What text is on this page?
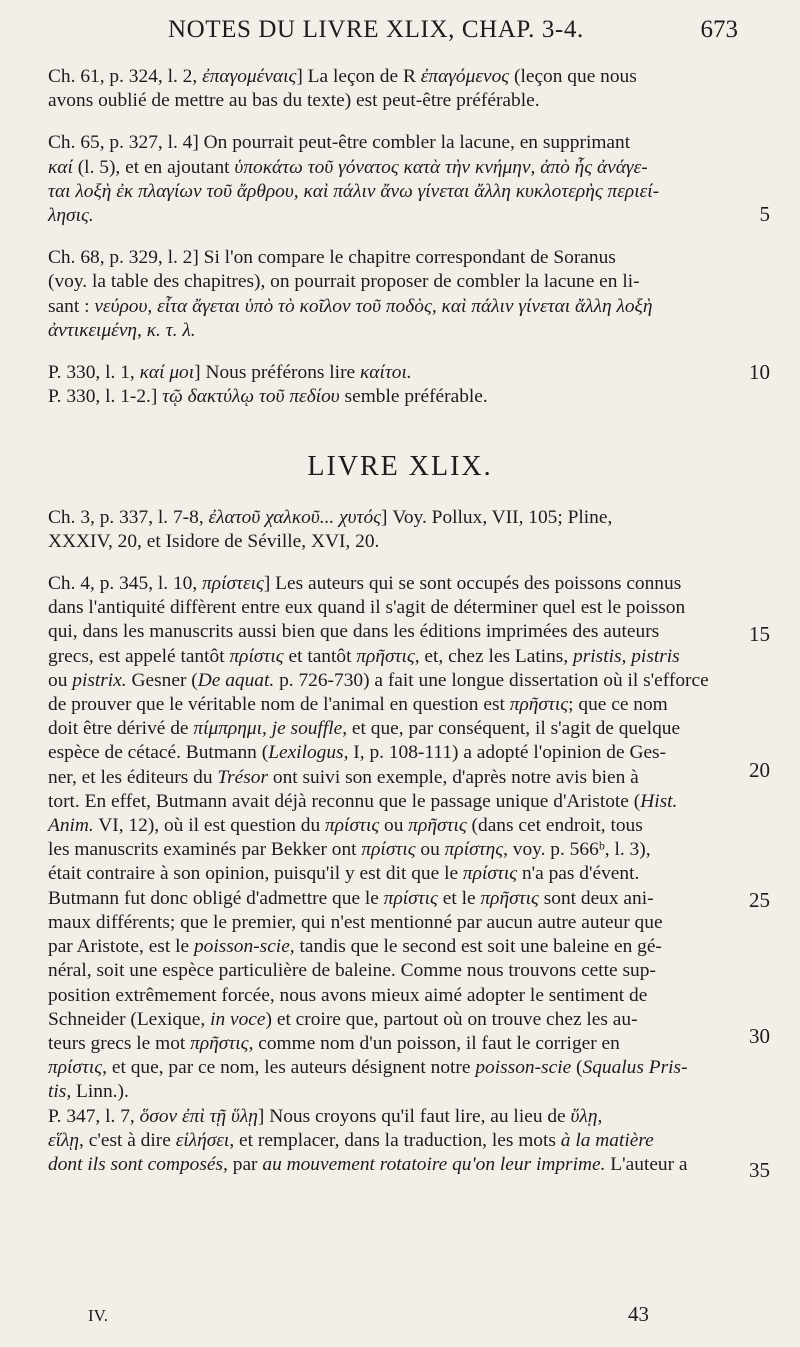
NOTES DU LIVRE XLIX, CHAP. 3-4.	673
Ch. 61, p. 324, l. 2, ἐπαγομέναις] La leçon de R ἐπαγόμενος (leçon que nous
avons oublié de mettre au bas du texte) est peut-être préférable.
Ch. 65, p. 327, l. 4] On pourrait peut-être combler la lacune, en supprimant
καί (l. 5), et en ajoutant ὑποκάτω τοῦ γόνατος κατὰ τὴν κνήμην, ἀπὸ ἧς ἀνάγε-
ται λοξὴ ἐκ πλαγίων τοῦ ἄρθρου, καὶ πάλιν ἄνω γίνεται ἄλλη κυκλοτερὴς περιεί-
λησις.
Ch. 68, p. 329, l. 2] Si l'on compare le chapitre correspondant de Soranus
(voy. la table des chapitres), on pourrait proposer de combler la lacune en li-
sant : νεύρου, εἶτα ἄγεται ὑπὸ τὸ κοῖλον τοῦ ποδὸς, καὶ πάλιν γίνεται ἄλλη λοξὴ
ἀντικειμένη, κ. τ. λ.
P. 330, l. 1, καί μοι] Nous préférons lire καίτοι.
P. 330, l. 1-2.] τῷ δακτύλῳ τοῦ πεδίου semble préférable.
LIVRE XLIX.
Ch. 3, p. 337, l. 7-8, ἐλατοῦ χαλκοῦ... χυτός] Voy. Pollux, VII, 105; Pline,
XXXIV, 20, et Isidore de Séville, XVI, 20.
Ch. 4, p. 345, l. 10, πρίστεις] Les auteurs qui se sont occupés des poissons connus
dans l'antiquité diffèrent entre eux quand il s'agit de déterminer quel est le poisson
qui, dans les manuscrits aussi bien que dans les éditions imprimées des auteurs
grecs, est appelé tantôt πρίστις et tantôt πρῆστις, et, chez les Latins, pristis, pistris
ou pistrix. Gesner (De aquat. p. 726-730) a fait une longue dissertation où il s'efforce
de prouver que le véritable nom de l'animal en question est πρῆστις; que ce nom
doit être dérivé de πίμπρημι, je souffle, et que, par conséquent, il s'agit de quelque
espèce de cétacé. Butmann (Lexilogus, I, p. 108-111) a adopté l'opinion de Ges-
ner, et les éditeurs du Trésor ont suivi son exemple, d'après notre avis bien à
tort. En effet, Butmann avait déjà reconnu que le passage unique d'Aristote (Hist.
Anim. VI, 12), où il est question du πρίστις ou πρῆστις (dans cet endroit, tous
les manuscrits examinés par Bekker ont πρίστις ou πρίστης, voy. p. 566ᵇ, l. 3),
était contraire à son opinion, puisqu'il y est dit que le πρίστις n'a pas d'évent.
Butmann fut donc obligé d'admettre que le πρίστις et le πρῆστις sont deux ani-
maux différents; que le premier, qui n'est mentionné par aucun autre auteur que
par Aristote, est le poisson-scie, tandis que le second est soit une baleine en gé-
néral, soit une espèce particulière de baleine. Comme nous trouvons cette sup-
position extrêmement forcée, nous avons mieux aimé adopter le sentiment de
Schneider (Lexique, in voce) et croire que, partout où on trouve chez les au-
teurs grecs le mot πρῆστις, comme nom d'un poisson, il faut le corriger en
πρίστις, et que, par ce nom, les auteurs désignent notre poisson-scie (Squalus Pris-
tis, Linn.).
P. 347, l. 7, ὅσον ἐπὶ τῇ ὕλῃ] Nous croyons qu'il faut lire, au lieu de ὕλῃ,
εἵλῃ, c'est à dire εἱλήσει, et remplacer, dans la traduction, les mots à la matière
dont ils sont composés, par au mouvement rotatoire qu'on leur imprime. L'auteur a
5
10
15
20
25
30
35
IV.	43
